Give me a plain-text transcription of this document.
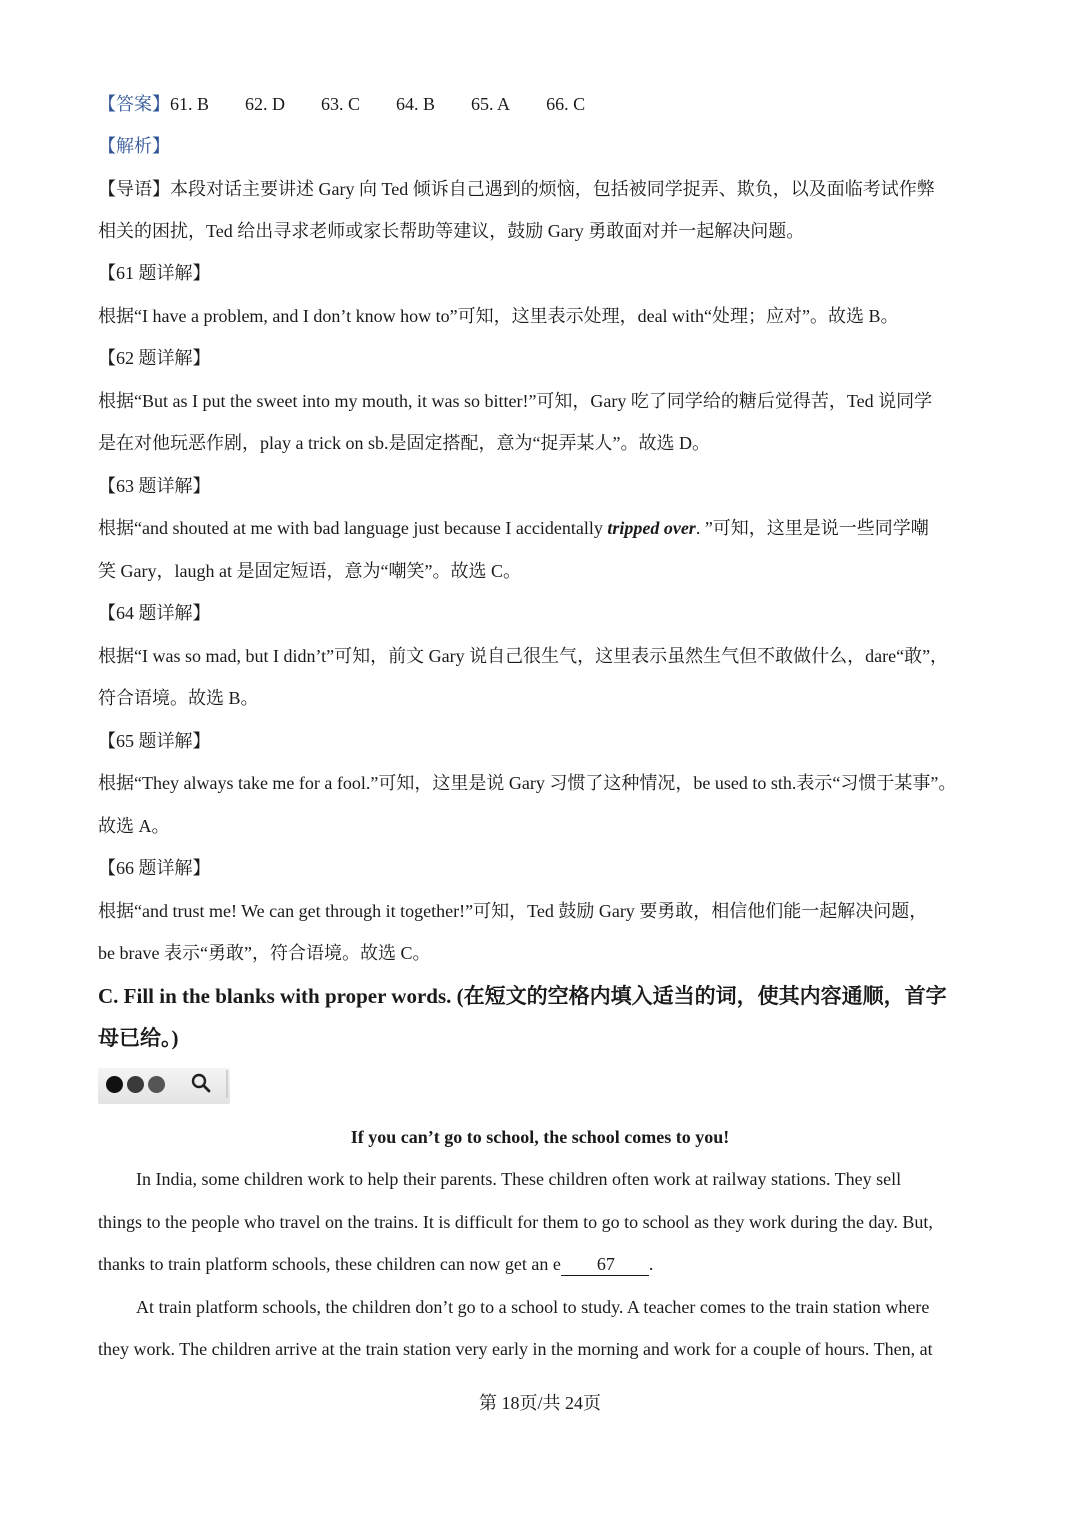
【答案】61. B 62. D 63. C 64. B 65. A 66. C
【解析】
【导语】本段对话主要讲述 Gary 向 Ted 倾诉自己遇到的烦恼，包括被同学捉弄、欺负，以及面临考试作弊
相关的困扰，Ted 给出寻求老师或家长帮助等建议，鼓励 Gary 勇敢面对并一起解决问题。
【61 题详解】
根据“I have a problem, and I don’t know how to”可知，这里表示处理，deal with“处理；应对”。故选 B。
【62 题详解】
根据“But as I put the sweet into my mouth, it was so bitter!”可知，Gary 吃了同学给的糖后觉得苦，Ted 说同学
是在对他玩恶作剧，play a trick on sb.是固定搭配，意为“捉弄某人”。故选 D。
【63 题详解】
根据“and shouted at me with bad language just because I accidentally tripped over. ”可知，这里是说一些同学嘲
笑 Gary，laugh at 是固定短语，意为“嘲笑”。故选 C。
【64 题详解】
根据“I was so mad, but I didn’t”可知，前文 Gary 说自己很生气，这里表示虽然生气但不敢做什么，dare“敢”，
符合语境。故选 B。
【65 题详解】
根据“They always take me for a fool.”可知，这里是说 Gary 习惯了这种情况，be used to sth.表示“习惯于某事”。
故选 A。
【66 题详解】
根据“and trust me! We can get through it together!”可知，Ted 鼓励 Gary 要勇敢，相信他们能一起解决问题，
be brave 表示“勇敢”，符合语境。故选 C。
C. Fill in the blanks with proper words. (在短文的空格内填入适当的词，使其内容通顺，首字
母已给。)
If you can’t go to school, the school comes to you!
In India, some children work to help their parents. These children often work at railway stations. They sell
things to the people who travel on the trains. It is difficult for them to go to school as they work during the day. But,
thanks to train platform schools, these children can now get an e 67 .
At train platform schools, the children don’t go to a school to study. A teacher comes to the train station where
they work. The children arrive at the train station very early in the morning and work for a couple of hours. Then, at
第 18页/共 24页
